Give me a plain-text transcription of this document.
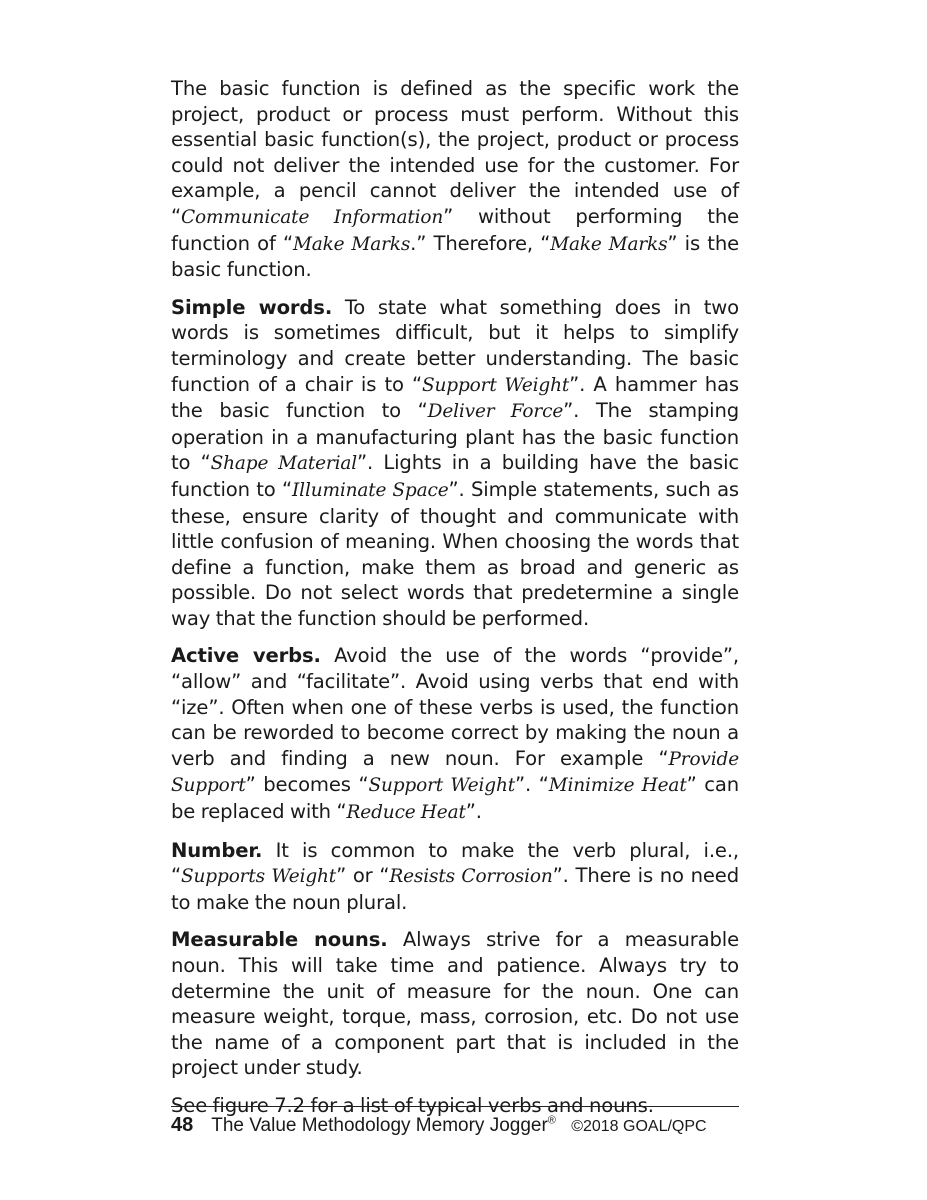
The basic function is defined as the specific work the project, product or process must perform. Without this essential basic function(s), the project, product or process could not deliver the intended use for the customer. For example, a pencil cannot deliver the intended use of “Communicate Information” without performing the function of “Make Marks.” Therefore, “Make Marks” is the basic function.

Simple words. To state what something does in two words is sometimes difficult, but it helps to simplify terminology and create better understanding. The basic function of a chair is to “Support Weight”. A hammer has the basic function to “Deliver Force”. The stamping operation in a manufacturing plant has the basic function to “Shape Material”. Lights in a building have the basic function to “Illuminate Space”. Simple statements, such as these, ensure clarity of thought and communicate with little confusion of meaning. When choosing the words that define a function, make them as broad and generic as possible. Do not select words that predetermine a single way that the function should be performed.

Active verbs. Avoid the use of the words “provide”, “allow” and “facilitate”. Avoid using verbs that end with “ize”. Often when one of these verbs is used, the function can be reworded to become correct by making the noun a verb and finding a new noun. For example “Provide Support” becomes “Support Weight”. “Minimize Heat” can be replaced with “Reduce Heat”.

Number. It is common to make the verb plural, i.e., “Supports Weight” or “Resists Corrosion”. There is no need to make the noun plural.

Measurable nouns. Always strive for a measurable noun. This will take time and patience. Always try to determine the unit of measure for the noun. One can measure weight, torque, mass, corrosion, etc. Do not use the name of a component part that is included in the project under study.

See figure 7.2 for a list of typical verbs and nouns.

48 The Value Methodology Memory Jogger® ©2018 GOAL/QPC
